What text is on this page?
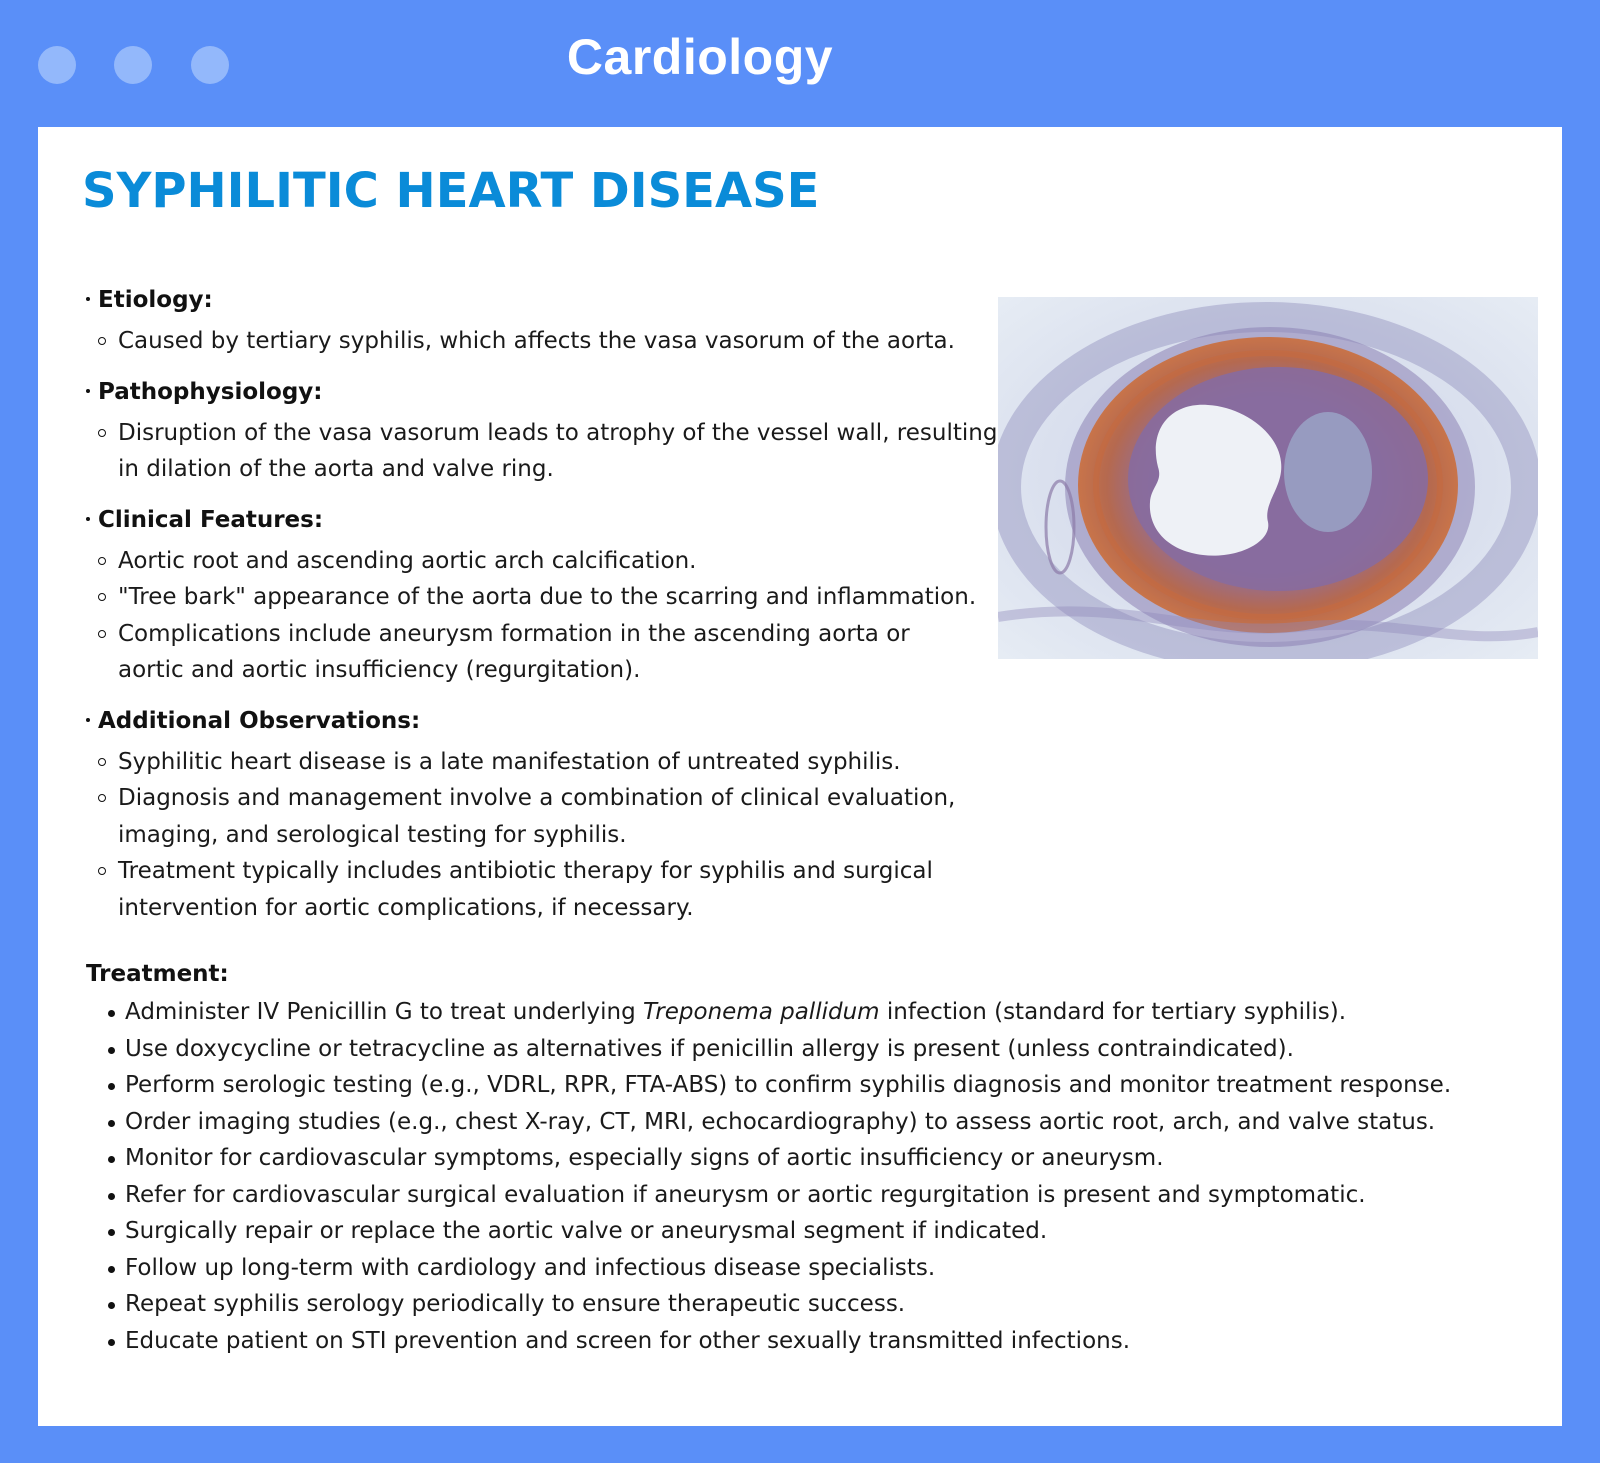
Cardiology
SYPHILITIC HEART DISEASE
Etiology:
Caused by tertiary syphilis, which affects the vasa vasorum of the aorta.
Pathophysiology:
Disruption of the vasa vasorum leads to atrophy of the vessel wall, resulting in dilation of the aorta and valve ring.
Clinical Features:
Aortic root and ascending aortic arch calcification.
"Tree bark" appearance of the aorta due to the scarring and inflammation.
Complications include aneurysm formation in the ascending aorta or aortic and aortic insufficiency (regurgitation).
Additional Observations:
Syphilitic heart disease is a late manifestation of untreated syphilis.
Diagnosis and management involve a combination of clinical evaluation, imaging, and serological testing for syphilis.
Treatment typically includes antibiotic therapy for syphilis and surgical intervention for aortic complications, if necessary.
Treatment:
Administer IV Penicillin G to treat underlying Treponema pallidum infection (standard for tertiary syphilis).
Use doxycycline or tetracycline as alternatives if penicillin allergy is present (unless contraindicated).
Perform serologic testing (e.g., VDRL, RPR, FTA-ABS) to confirm syphilis diagnosis and monitor treatment response.
Order imaging studies (e.g., chest X-ray, CT, MRI, echocardiography) to assess aortic root, arch, and valve status.
Monitor for cardiovascular symptoms, especially signs of aortic insufficiency or aneurysm.
Refer for cardiovascular surgical evaluation if aneurysm or aortic regurgitation is present and symptomatic.
Surgically repair or replace the aortic valve or aneurysmal segment if indicated.
Follow up long-term with cardiology and infectious disease specialists.
Repeat syphilis serology periodically to ensure therapeutic success.
Educate patient on STI prevention and screen for other sexually transmitted infections.
